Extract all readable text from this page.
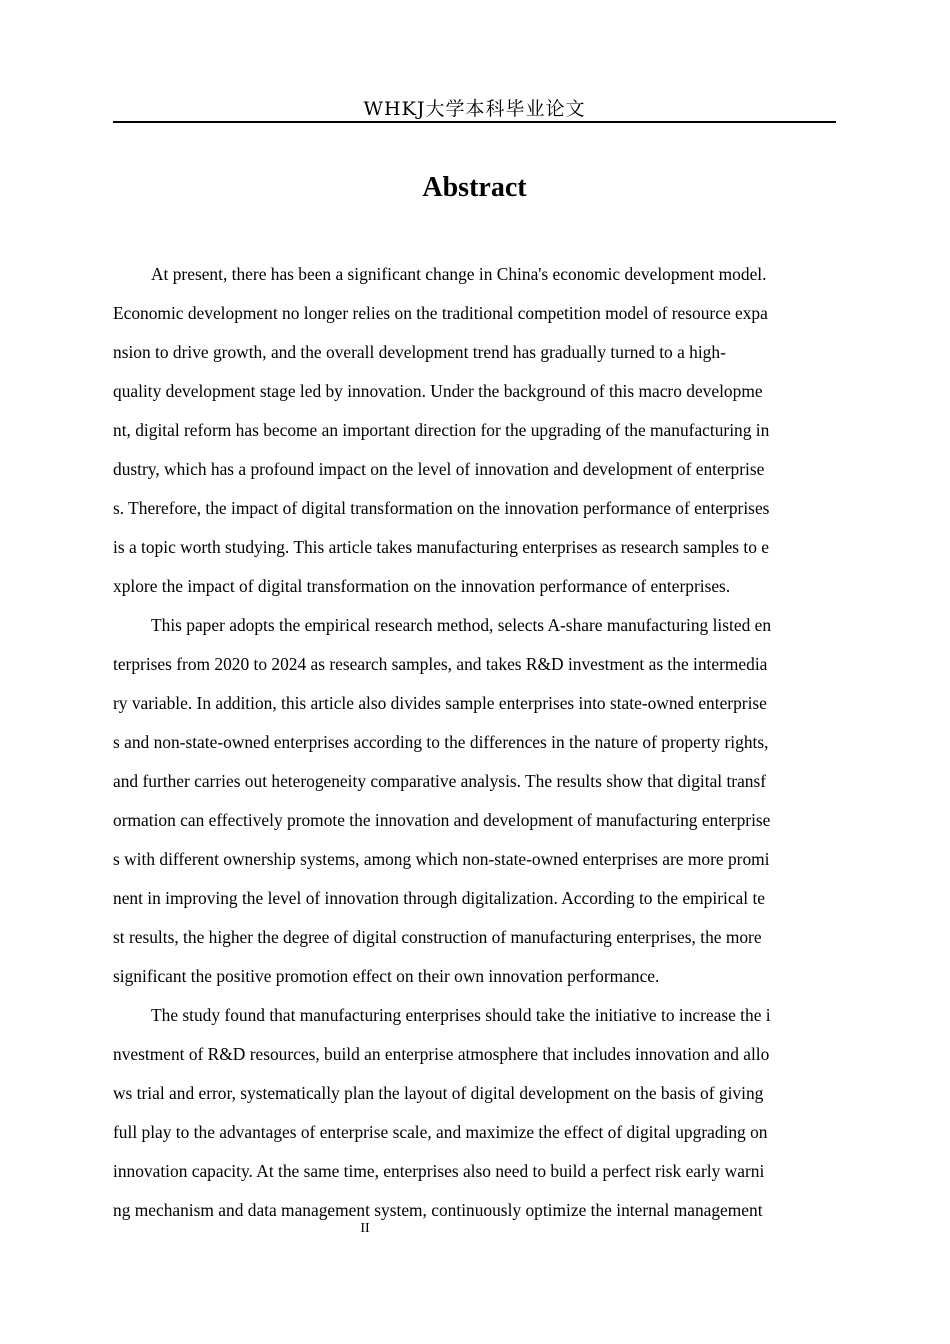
WHKJ大学本科毕业论文
Abstract
At present, there has been a significant change in China's economic development model.
Economic development no longer relies on the traditional competition model of resource expa
nsion to drive growth, and the overall development trend has gradually turned to a high-
quality development stage led by innovation. Under the background of this macro developme
nt, digital reform has become an important direction for the upgrading of the manufacturing in
dustry, which has a profound impact on the level of innovation and development of enterprise
s. Therefore, the impact of digital transformation on the innovation performance of enterprises
is a topic worth studying. This article takes manufacturing enterprises as research samples to e
xplore the impact of digital transformation on the innovation performance of enterprises.
This paper adopts the empirical research method, selects A-share manufacturing listed en
terprises from 2020 to 2024 as research samples, and takes R&D investment as the intermedia
ry variable. In addition, this article also divides sample enterprises into state-owned enterprise
s and non-state-owned enterprises according to the differences in the nature of property rights,
and further carries out heterogeneity comparative analysis. The results show that digital transf
ormation can effectively promote the innovation and development of manufacturing enterprise
s with different ownership systems, among which non-state-owned enterprises are more promi
nent in improving the level of innovation through digitalization. According to the empirical te
st results, the higher the degree of digital construction of manufacturing enterprises, the more
significant the positive promotion effect on their own innovation performance.
The study found that manufacturing enterprises should take the initiative to increase the i
nvestment of R&D resources, build an enterprise atmosphere that includes innovation and allo
ws trial and error, systematically plan the layout of digital development on the basis of giving
full play to the advantages of enterprise scale, and maximize the effect of digital upgrading on
innovation capacity. At the same time, enterprises also need to build a perfect risk early warni
ng mechanism and data management system, continuously optimize the internal management
II
